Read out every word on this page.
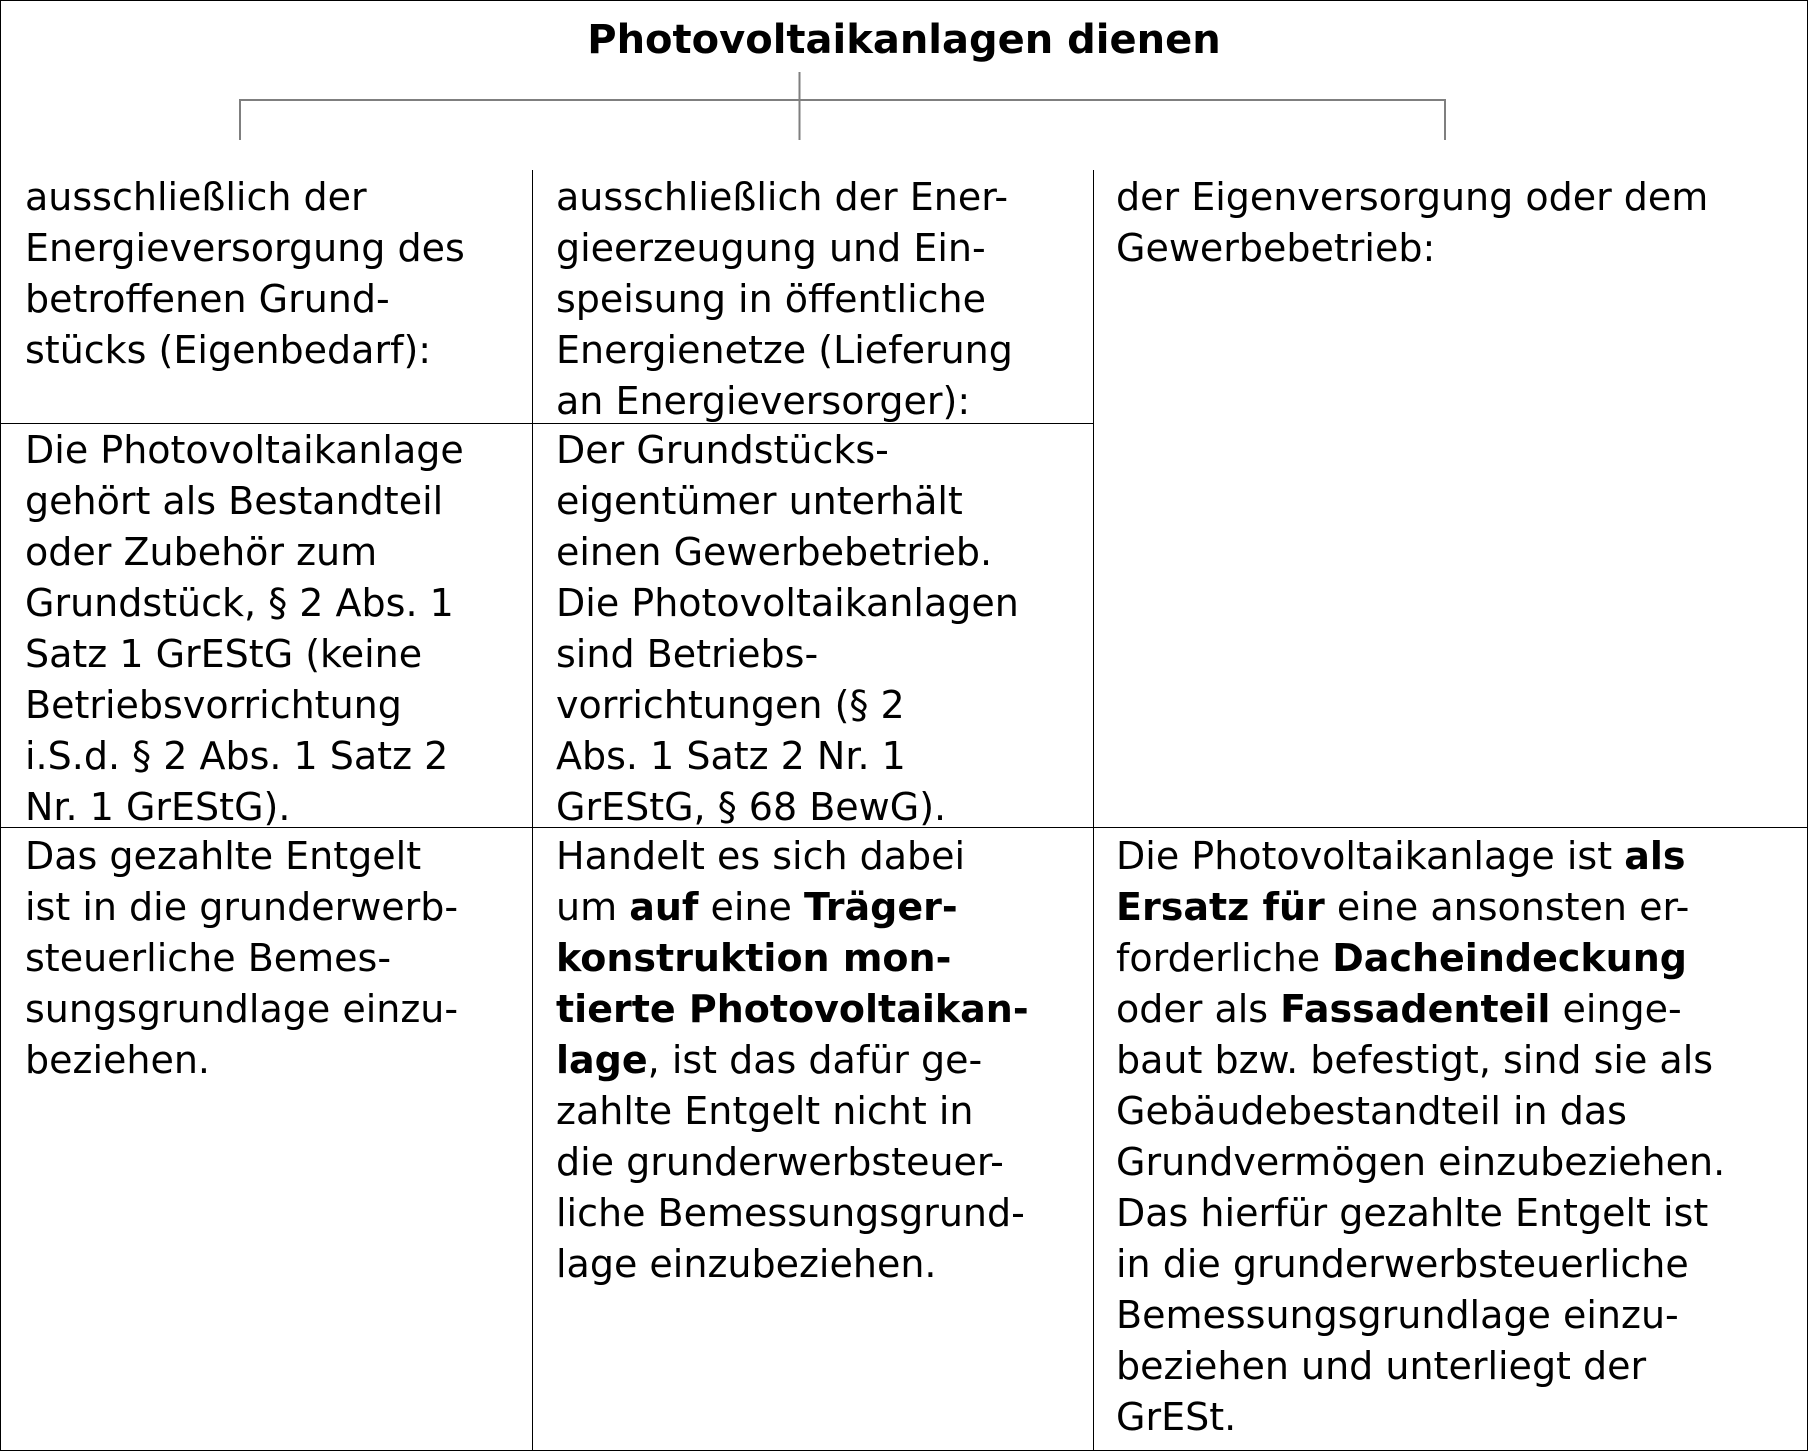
Photovoltaikanlagen dienen
ausschließlich der
Energieversorgung des
betroffenen Grund-
stücks (Eigenbedarf):
ausschließlich der Ener-
gieerzeugung und Ein-
speisung in öffentliche
Energienetze (Lieferung
an Energieversorger):
der Eigenversorgung oder dem
Gewerbebetrieb:
Die Photovoltaikanlage
gehört als Bestandteil
oder Zubehör zum
Grundstück, § 2 Abs. 1
Satz 1 GrEStG (keine
Betriebsvorrichtung
i.S.d. § 2 Abs. 1 Satz 2
Nr. 1 GrEStG).
Der Grundstücks-
eigentümer unterhält
einen Gewerbebetrieb.
Die Photovoltaikanlagen
sind Betriebs-
vorrichtungen (§ 2
Abs. 1 Satz 2 Nr. 1
GrEStG, § 68 BewG).
Das gezahlte Entgelt
ist in die grunderwerb-
steuerliche Bemes-
sungsgrundlage einzu-
beziehen.
Handelt es sich dabei
um auf eine Träger-
konstruktion mon-
tierte Photovoltaikan-
lage, ist das dafür ge-
zahlte Entgelt nicht in
die grunderwerbsteuer-
liche Bemessungsgrund-
lage einzubeziehen.
Die Photovoltaikanlage ist als
Ersatz für eine ansonsten er-
forderliche Dacheindeckung
oder als Fassadenteil einge-
baut bzw. befestigt, sind sie als
Gebäudebestandteil in das
Grundvermögen einzubeziehen.
Das hierfür gezahlte Entgelt ist
in die grunderwerbsteuerliche
Bemessungsgrundlage einzu-
beziehen und unterliegt der
GrESt.
